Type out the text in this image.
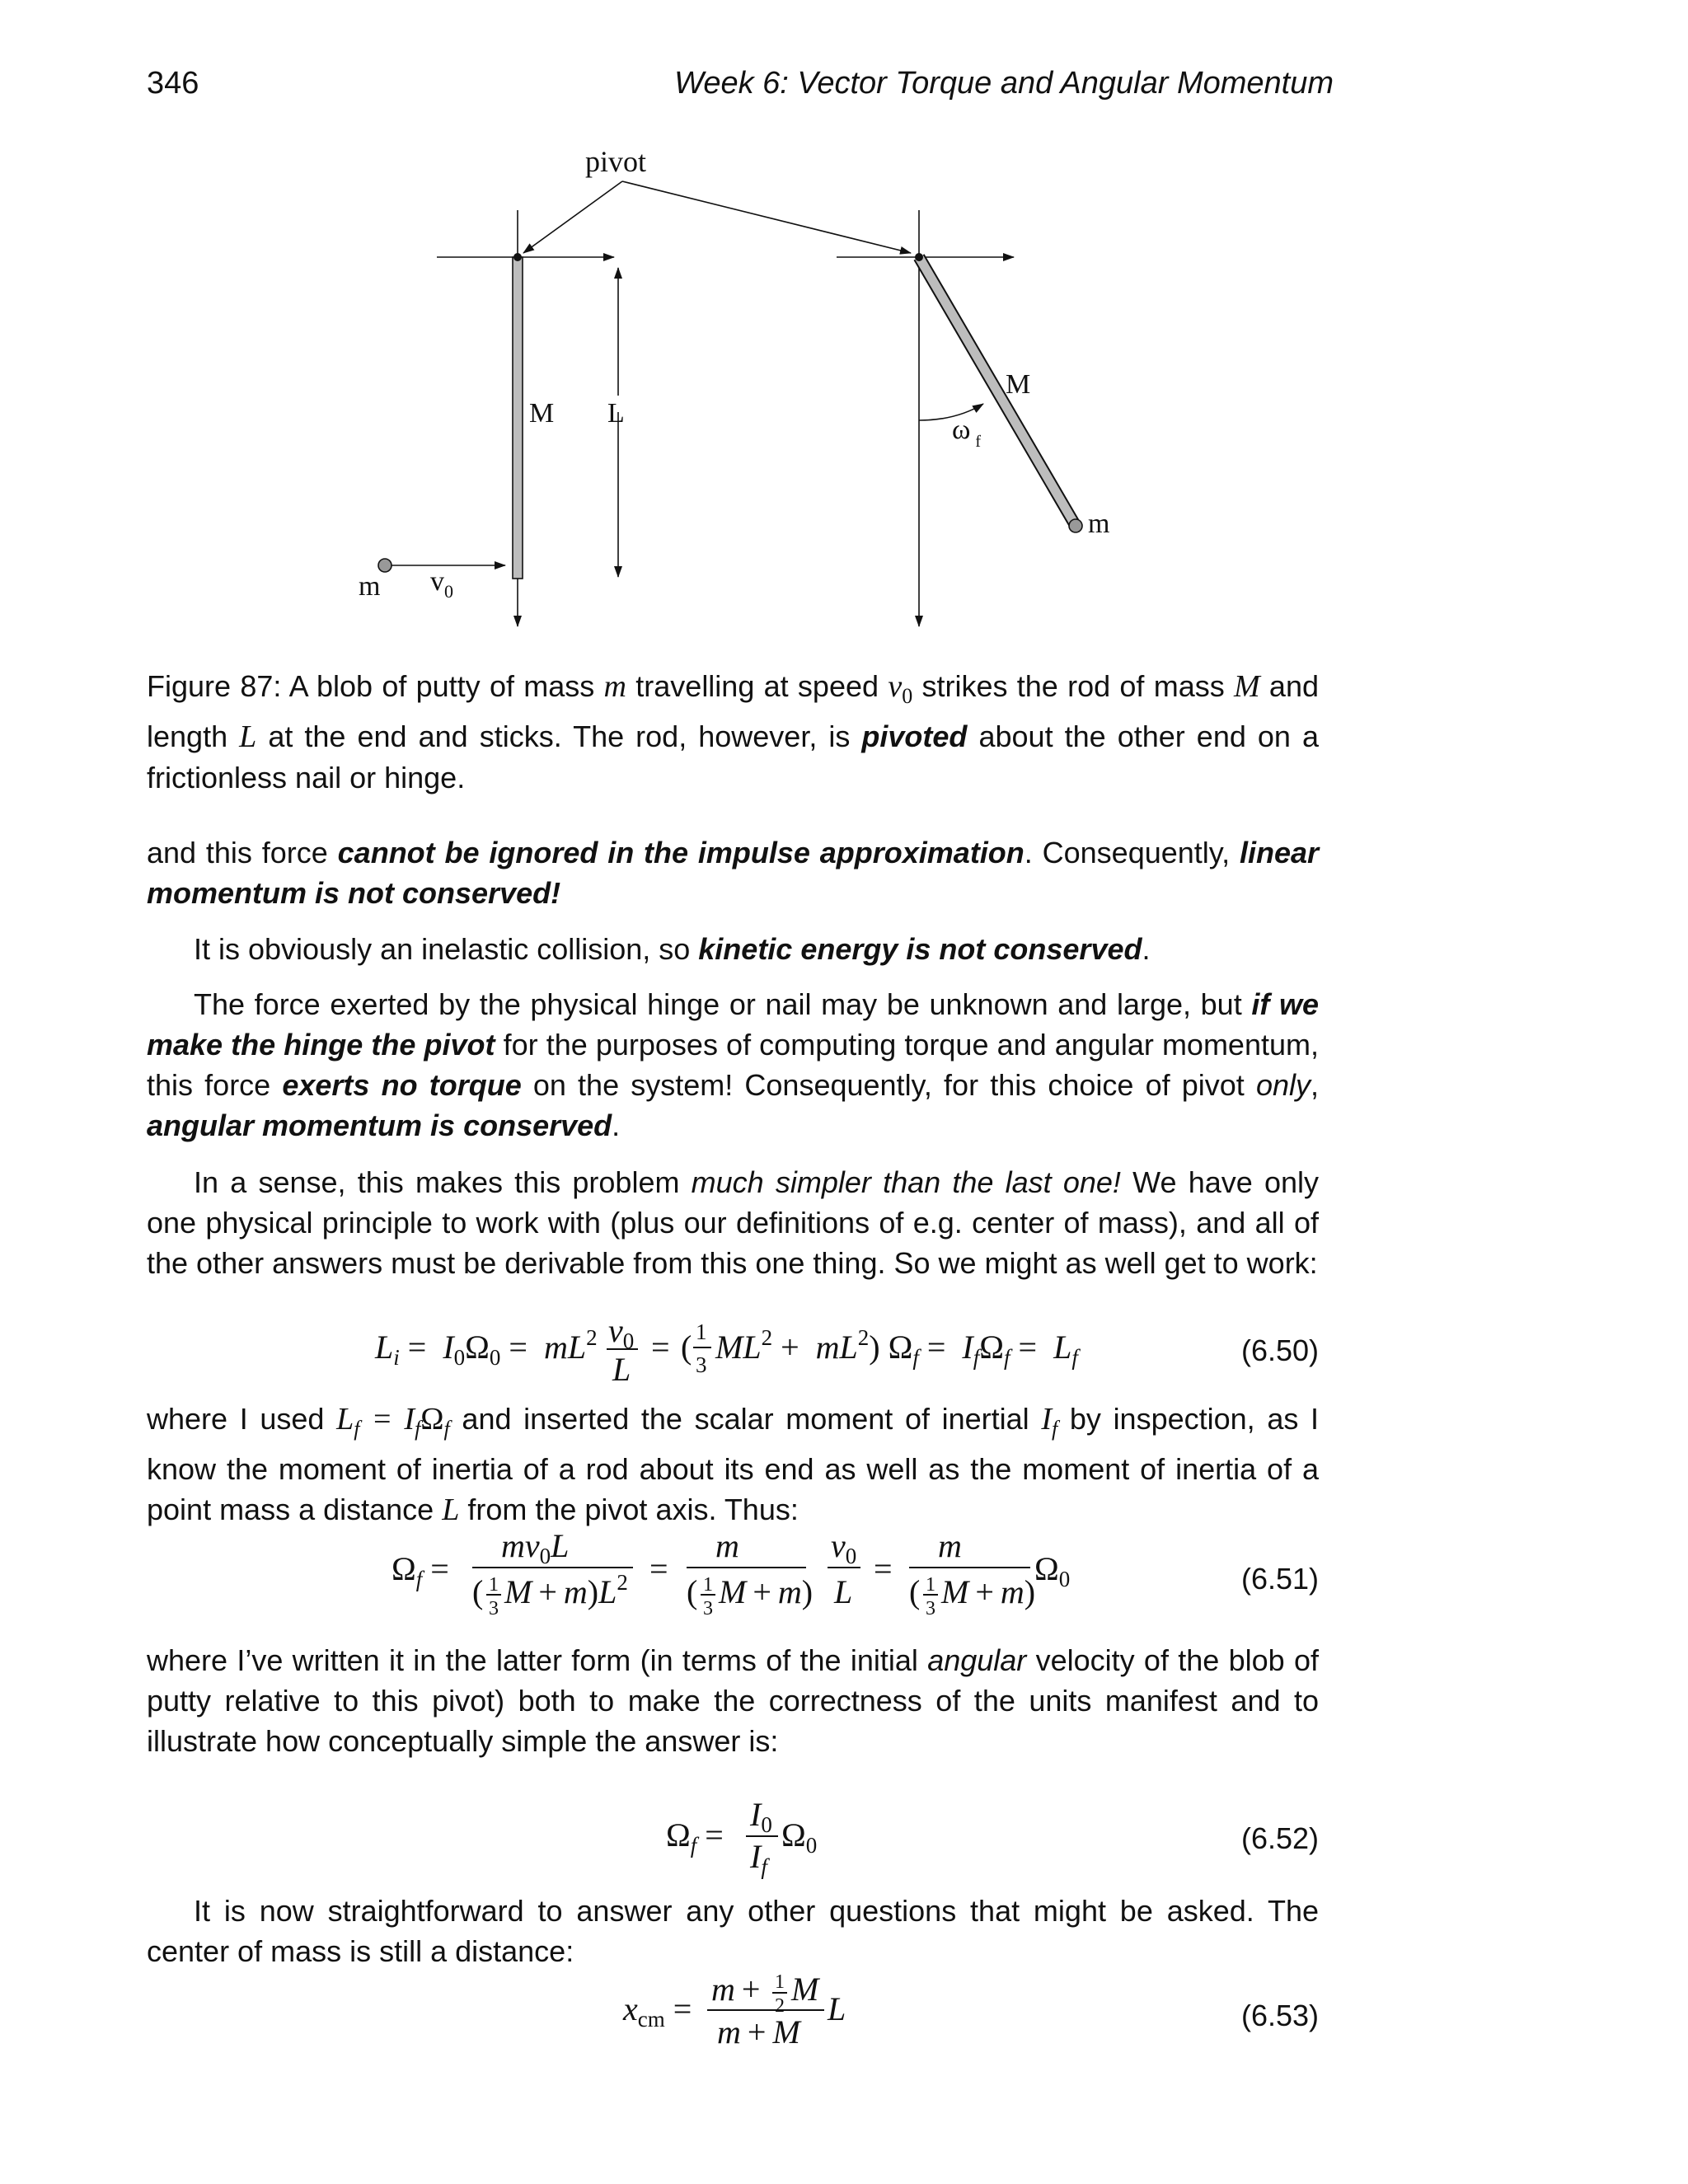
346	Week 6: Vector Torque and Angular Momentum
pivot
M L
m $v_0$
M
ω $_f$
m

Figure 87: A blob of putty of mass m travelling at speed $v_0$ strikes the rod of mass M and length L at the end and sticks. The rod, however, is pivoted about the other end on a frictionless nail or hinge.

and this force cannot be ignored in the impulse approximation. Consequently, linear momentum is not conserved!

It is obviously an inelastic collision, so kinetic energy is not conserved.

The force exerted by the physical hinge or nail may be unknown and large, but if we make the hinge the pivot for the purposes of computing torque and angular momentum, this force exerts no torque on the system! Consequently, for this choice of pivot only, angular momentum is conserved.

In a sense, this makes this problem much simpler than the last one! We have only one physical principle to work with (plus our definitions of e.g. center of mass), and all of the other answers must be derivable from this one thing. So we might as well get to work:

$L_i = I_0\Omega_0 = mL^2$ $v_0$
L
= ( 1
3 $ML^2 + mL^2$) $\Omega_f = I_f\Omega_f = L_f$	(6.50)

where I used $L_f = I_f\Omega_f$ and inserted the scalar moment of inertial $I_f$ by inspection, as I know the moment of inertia of a rod about its end as well as the moment of inertia of a point mass a distance L from the pivot axis. Thus:

$\Omega_f$ =
$mv_0L$
( 1
3 $M + m)L^2$ =
m
( 1
3 M + m)
$v_0$
L
=
m
( 1
3 M + m)
$\Omega_0$	(6.51)

where I’ve written it in the latter form (in terms of the initial angular velocity of the blob of putty relative to this pivot) both to make the correctness of the units manifest and to illustrate how conceptually simple the answer is:

$\Omega_f$ =
$I_0$
$I_f$
$\Omega_0$	(6.52)

It is now straightforward to answer any other questions that might be asked. The center of mass is still a distance:

$x_{cm}$ =
m + 1
2 M
m + M
L	(6.53)
